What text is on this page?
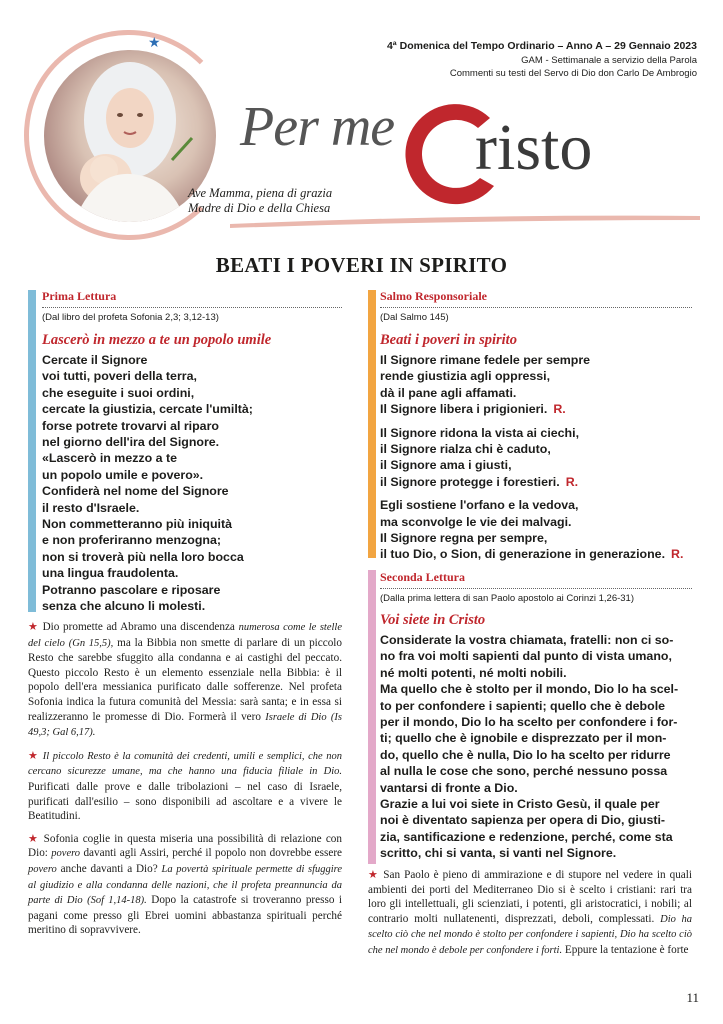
★	4ª Domenica del Tempo Ordinario – Anno A – 29 Gennaio 2023
GAM - Settimanale a servizio della Parola
Commenti su testi del Servo di Dio don Carlo De Ambrogio
Per me risto
Ave Mamma, piena di grazia
Madre di Dio e della Chiesa
BEATI I POVERI IN SPIRITO
Prima Lettura
(Dal libro del profeta Sofonia 2,3; 3,12-13)
Lascerò in mezzo a te un popolo umile
Cercate il Signore
voi tutti, poveri della terra,
che eseguite i suoi ordini,
cercate la giustizia, cercate l'umiltà;
forse potrete trovarvi al riparo
nel giorno dell'ira del Signore.
«Lascerò in mezzo a te
un popolo umile e povero».
Confiderà nel nome del Signore
il resto d'Israele.
Non commetteranno più iniquità
e non proferiranno menzogna;
non si troverà più nella loro bocca
una lingua fraudolenta.
Potranno pascolare e riposare
senza che alcuno li molesti.

★ Dio promette ad Abramo una discendenza numerosa come le stelle del cielo (Gn 15,5), ma la Bibbia non smette di parlare di un piccolo Resto che sarebbe sfuggito alla condanna e ai castighi del peccato. Questo piccolo Resto è un elemento essenziale nella Bibbia: è il popolo dell'era messianica purificato dalle sofferenze. Nel profeta Sofonia indica la futura comunità del Messia: sarà santa; e in essa si realizzeranno le promesse di Dio. Formerà il vero Israele di Dio (Is 49,3; Gal 6,17).

★ Il piccolo Resto è la comunità dei credenti, umili e semplici, che non cercano sicurezze umane, ma che hanno una fiducia filiale in Dio. Purificati dalle prove e dalle tribolazioni – nel caso di Israele, purificati dall'esilio – sono disponibili ad ascoltare e a vivere le Beatitudini.

★ Sofonia coglie in questa miseria una possibilità di relazione con Dio: povero davanti agli Assiri, perché il popolo non dovrebbe essere povero anche davanti a Dio? La povertà spirituale permette di sfuggire al giudizio e alla condanna delle nazioni, che il profeta preannuncia da parte di Dio (Sof 1,14-18). Dopo la catastrofe si troveranno presso i pagani come presso gli Ebrei uomini abbastanza spirituali perché meritino di sopravvivere.

Salmo Responsoriale
(Dal Salmo 145)
Beati i poveri in spirito
Il Signore rimane fedele per sempre
rende giustizia agli oppressi,
dà il pane agli affamati.
Il Signore libera i prigionieri. R.
Il Signore ridona la vista ai ciechi,
il Signore rialza chi è caduto,
il Signore ama i giusti,
il Signore protegge i forestieri. R.
Egli sostiene l'orfano e la vedova,
ma sconvolge le vie dei malvagi.
Il Signore regna per sempre,
il tuo Dio, o Sion, di generazione in generazione. R.
Seconda Lettura
(Dalla prima lettera di san Paolo apostolo ai Corinzi 1,26-31)
Voi siete in Cristo
Considerate la vostra chiamata, fratelli: non ci so-
no fra voi molti sapienti dal punto di vista umano,
né molti potenti, né molti nobili.
Ma quello che è stolto per il mondo, Dio lo ha scel-
to per confondere i sapienti; quello che è debole
per il mondo, Dio lo ha scelto per confondere i for-
ti; quello che è ignobile e disprezzato per il mon-
do, quello che è nulla, Dio lo ha scelto per ridurre
al nulla le cose che sono, perché nessuno possa
vantarsi di fronte a Dio.
Grazie a lui voi siete in Cristo Gesù, il quale per
noi è diventato sapienza per opera di Dio, giusti-
zia, santificazione e redenzione, perché, come sta
scritto, chi si vanta, si vanti nel Signore.

★ San Paolo è pieno di ammirazione e di stupore nel vedere in quali ambienti dei porti del Mediterraneo Dio si è scelto i cristiani: rari tra loro gli intellettuali, gli scienziati, i potenti, gli aristocratici, i nobili; al contrario molti nullatenenti, disprezzati, deboli, complessati. Dio ha scelto ciò che nel mondo è stolto per confondere i sapienti, Dio ha scelto ciò che nel mondo è debole per confondere i forti. Eppure la tentazione è forte

11
